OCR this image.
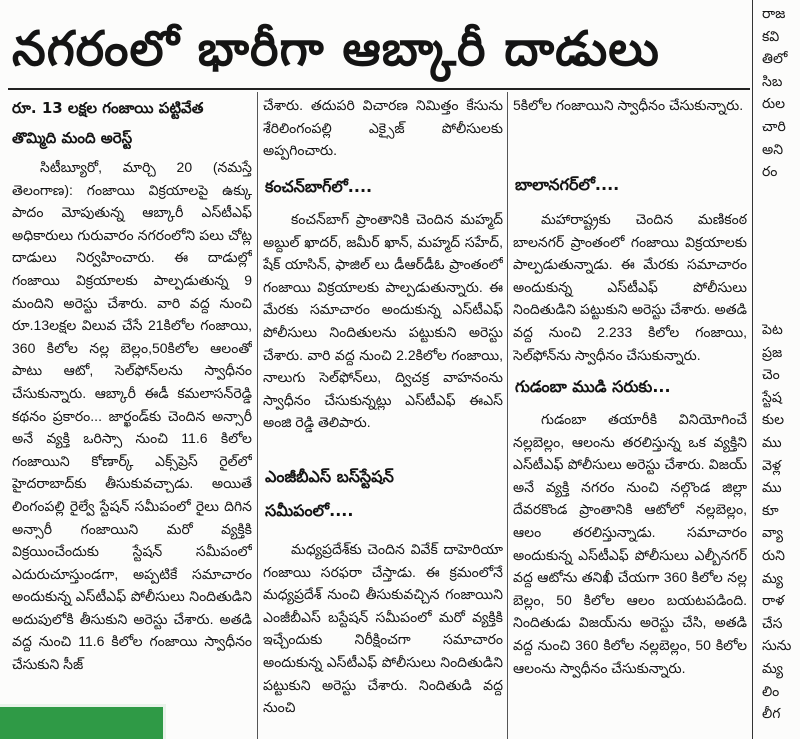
నగరంలో భారీగా ఆబ్కారీ దాడులు
రూ. 13 లక్షల గంజాయి పట్టివేత
తొమ్మిది మంది అరెస్ట్
సిటీబ్యూరో, మార్చి 20 (నమస్తే తెలంగాణ): గంజాయి విక్రయాలపై ఉక్కు పాదం మోపుతున్న ఆబ్కారీ ఎస్‌టీఎఫ్ అధికారులు గురువారం నగరంలోని పలు చోట్ల దాడులు నిర్వహించారు. ఈ దాడుల్లో గంజాయి విక్రయాలకు పాల్పడుతున్న 9 మందిని అరెస్టు చేశారు. వారి వద్ద నుంచి రూ.13లక్షల విలువ చేసే 21కిలోల గంజాయి, 360 కిలోల నల్ల బెల్లం,50కిలోల ఆలంతో పాటు ఆటో, సెల్‌ఫోన్‌లను స్వాధీనం చేసుకున్నారు. ఆబ్కారీ ఈడీ కమలాసన్‌రెడ్డి కథనం ప్రకారం... జార్ఖండ్‌కు చెందిన అన్సారీ అనే వ్యక్తి ఒరిస్సా నుంచి 11.6 కిలోల గంజాయిని కోణార్క్ ఎక్స్‌ప్రెస్ రైల్‌లో హైదరాబాద్‌కు తీసుకువచ్చాడు. అయితే లింగంపల్లి రైల్వే స్టేషన్ సమీపంలో రైలు దిగిన అన్సారీ గంజాయిని మరో వ్యక్తికి విక్రయించేందుకు స్టేషన్ సమీపంలో ఎదురుచూస్తుండగా, అప్పటికే సమాచారం అందుకున్న ఎస్‌టీఎఫ్ పోలీసులు నిందితుడిని అదుపులోకి తీసుకుని అరెస్టు చేశారు. అతడి వద్ద నుంచి 11.6 కిలోల గంజాయి స్వాధీనం చేసుకుని సీజ్
చేశారు. తదుపరి విచారణ నిమిత్తం కేసును శేరిలింగంపల్లి ఎక్సైజ్ పోలీసులకు అప్పగించారు.
కంచన్‌బాగ్‌లో....
కంచన్‌బాగ్ ప్రాంతానికి చెందిన మహ్మద్ అబ్దుల్ ఖాదర్, జమీర్ ఖాన్, మహ్మద్ సహేద్, షేక్ యాసిన్, ఫాజిల్ లు డీఆర్‌డీఓ ప్రాంతంలో గంజాయి విక్రయాలకు పాల్పడుతున్నారు. ఈ మేరకు సమాచారం అందుకున్న ఎస్‌టీఎఫ్ పోలీసులు నిందితులను పట్టుకుని అరెస్టు చేశారు. వారి వద్ద నుంచి 2.2కిలోల గంజాయి, నాలుగు సెల్‌ఫోన్‌లు, ద్విచక్ర వాహనంను స్వాధీనం చేసుకున్నట్లు ఎస్‌టీఎఫ్ ఈఎస్ అంజి రెడ్డి తెలిపారు.
ఎంజీబీఎస్ బస్‌స్టేషన్
సమీపంలో....
మధ్యప్రదేశ్‌కు చెందిన వివేక్ దాహెరియా గంజాయి సరఫరా చేస్తాడు. ఈ క్రమంలోనే మధ్యప్రదేశ్ నుంచి తీసుకువచ్చిన గంజాయిని ఎంజీబీఎస్ బస్టేషన్ సమీపంలో మరో వ్యక్తికి ఇచ్చేందుకు నిరీక్షించగా సమాచారం అందుకున్న ఎస్‌టీఎఫ్ పోలీసులు నిందితుడిని పట్టుకుని అరెస్టు చేశారు. నిందితుడి వద్ద నుంచి
5కిలోల గంజాయిని స్వాధీనం చేసుకున్నారు.
బాలానగర్‌లో....
మహారాష్ట్రకు చెందిన మణికంఠ బాలనగర్ ప్రాంతంలో గంజాయి విక్రయాలకు పాల్పడుతున్నాడు. ఈ మేరకు సమాచారం అందుకున్న ఎస్‌టీఎఫ్ పోలీసులు నిందితుడిని పట్టుకుని అరెస్టు చేశారు. అతడి వద్ద నుంచి 2.233 కిలోల గంజాయి, సెల్‌ఫోన్‌ను స్వాధీనం చేసుకున్నారు.
గుడంబా ముడి సరుకు...
గుడంబా తయారీకి వినియోగించే నల్లబెల్లం, ఆలంను తరలిస్తున్న ఒక వ్యక్తిని ఎస్‌టీఎఫ్ పోలీసులు అరెస్టు చేశారు. విజయ్ అనే వ్యక్తి నగరం నుంచి నల్గొండ జిల్లా దేవరకొండ ప్రాంతానికి ఆటోలో నల్లబెల్లం, ఆలం తరలిస్తున్నాడు. సమాచారం అందుకున్న ఎస్‌టీఎఫ్ పోలీసులు ఎల్బీనగర్ వద్ద ఆటోను తనిఖీ చేయగా 360 కిలోల నల్ల బెల్లం, 50 కిలోల ఆలం బయటపడింది. నిందితుడు విజయ్‌ను అరెస్టు చేసి, అతడి వద్ద నుంచి 360 కిలోల నల్లబెల్లం, 50 కిలోల ఆలంను స్వాధీనం చేసుకున్నారు.
రాజ
కవి
తిలో
సిబ
రుల
చారి
అని
రం
పెట
ప్రజ
చెం
స్టేష
కుల
ము
వెళ్ల
ము
కూ
వ్యా
రుని
మ్య
రాళ
చేస
సును
మ్య
లిం
లీగ
